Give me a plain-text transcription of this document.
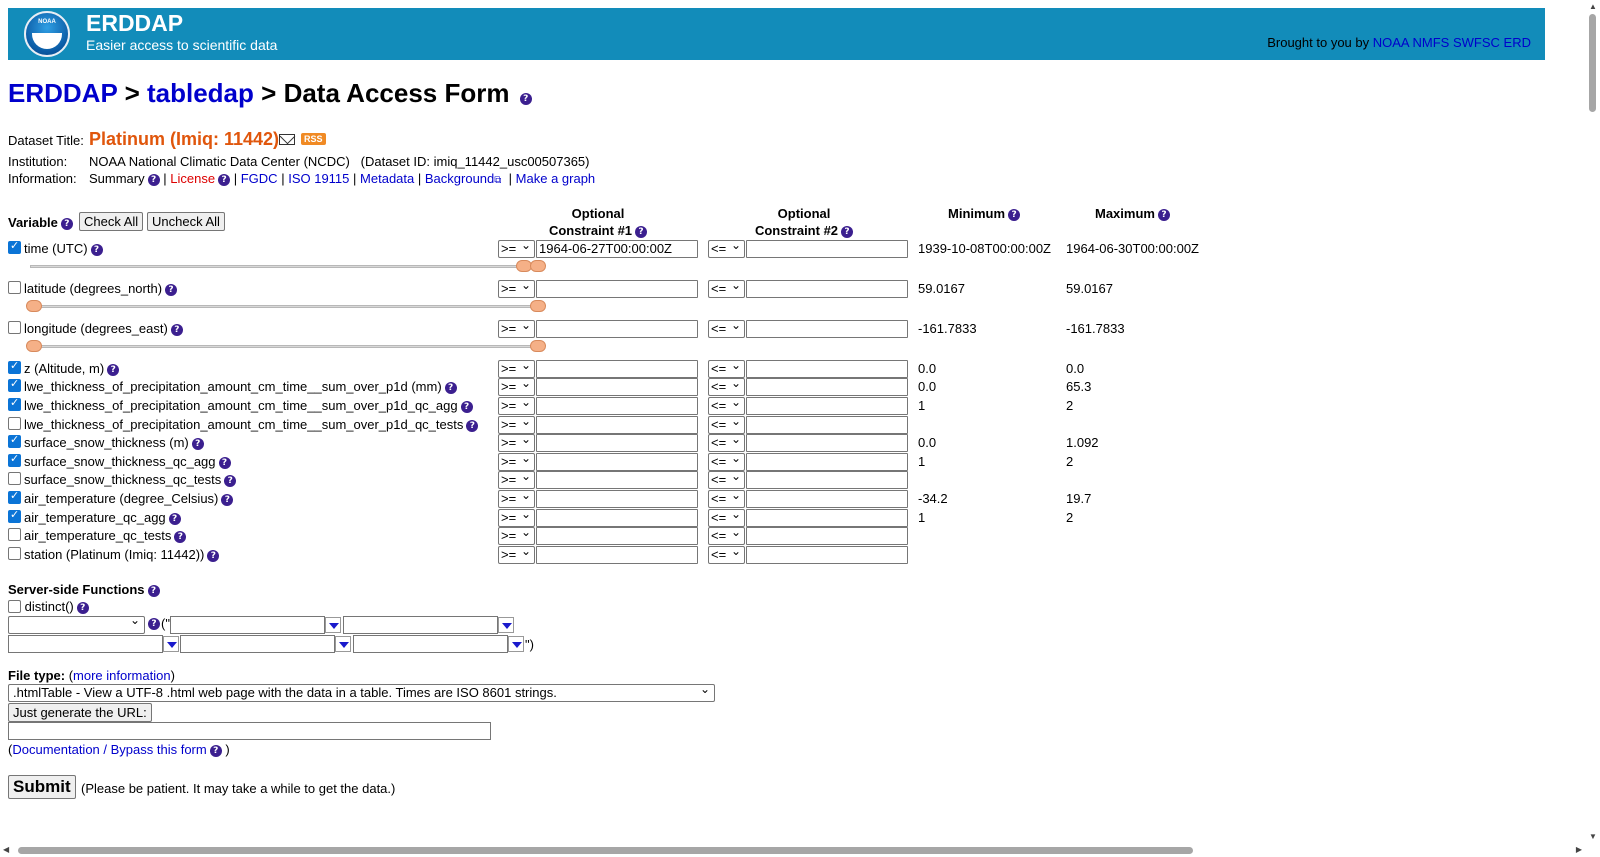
NOAA	ERDDAP
Easier access to scientific data	Brought to you by NOAA NMFS SWFSC ERD
ERDDAP > tabledap > Data Access Form ?
Dataset Title: Platinum (Imiq: 11442)	RSS
Institution: NOAA National Climatic Data Center (NCDC) (Dataset ID: imiq_11442_usc00507365)
Information: Summary ? | License ? | FGDC | ISO 19115 | Metadata | Background⧉ | Make a graph
Variable ?	Check All	Uncheck All
Optional
Constraint #1 ?
Optional
Constraint #2 ?
Minimum ?	Maximum ?
✓
time (UTC) ?	>= ⌄	1964-06-27T00:00:00Z	<= ⌄	1939-10-08T00:00:00Z 1964-06-30T00:00:00Z
latitude (degrees_north) ?	>= ⌄	<= ⌄	59.0167	59.0167
longitude (degrees_east) ?	>= ⌄	<= ⌄	-161.7833	-161.7833
✓
z (Altitude, m) ?	>= ⌄	<= ⌄	0.0	0.0
✓
lwe_thickness_of_precipitation_amount_cm_time__sum_over_p1d (mm) ?	>= ⌄	<= ⌄	0.0	65.3
✓
lwe_thickness_of_precipitation_amount_cm_time__sum_over_p1d_qc_agg ? >= ⌄	<= ⌄	1	2
lwe_thickness_of_precipitation_amount_cm_time__sum_over_p1d_qc_tests ? >= ⌄	<= ⌄
✓
surface_snow_thickness (m) ?	>= ⌄	<= ⌄	0.0	1.092
✓
surface_snow_thickness_qc_agg ?	>= ⌄	<= ⌄	1	2
surface_snow_thickness_qc_tests ?	>= ⌄	<= ⌄
✓
air_temperature (degree_Celsius) ?	>= ⌄	<= ⌄	-34.2	19.7
✓
air_temperature_qc_agg ?	>= ⌄	<= ⌄	1	2
air_temperature_qc_tests ?	>= ⌄	<= ⌄
station (Platinum (Imiq: 11442)) ?	>= ⌄	<= ⌄
Server-side Functions ?
distinct() ?
⌄
? ("
")
File type: (more information)
.htmlTable - View a UTF-8 .html web page with the data in a table. Times are ISO 8601 strings. ⌄
Just generate the URL:
(Documentation / Bypass this form ? )
Submit (Please be patient. It may take a while to get the data.)
▲
▼
◀	▶
